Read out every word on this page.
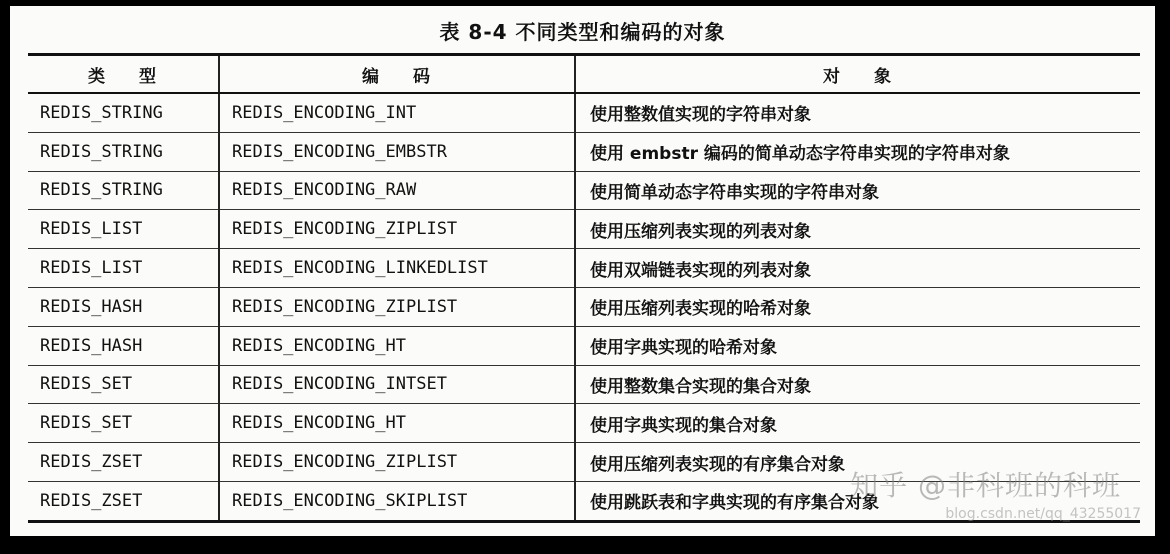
表 8-4 不同类型和编码的对象
类 型	编 码	对 象
REDIS_STRING	REDIS_ENCODING_INT	使用整数值实现的字符串对象
REDIS_STRING	REDIS_ENCODING_EMBSTR	使用 embstr 编码的简单动态字符串实现的字符串对象
REDIS_STRING	REDIS_ENCODING_RAW	使用简单动态字符串实现的字符串对象
REDIS_LIST	REDIS_ENCODING_ZIPLIST	使用压缩列表实现的列表对象
REDIS_LIST	REDIS_ENCODING_LINKEDLIST	使用双端链表实现的列表对象
REDIS_HASH	REDIS_ENCODING_ZIPLIST	使用压缩列表实现的哈希对象
REDIS_HASH	REDIS_ENCODING_HT	使用字典实现的哈希对象
REDIS_SET	REDIS_ENCODING_INTSET	使用整数集合实现的集合对象
REDIS_SET	REDIS_ENCODING_HT	使用字典实现的集合对象
REDIS_ZSET	REDIS_ENCODING_ZIPLIST	使用压缩列表实现的有序集合对象
REDIS_ZSET	REDIS_ENCODING_SKIPLIST	使用跳跃表和字典实现的有序集合对象
知乎 @非科班的科班
blog.csdn.net/qq_43255017
